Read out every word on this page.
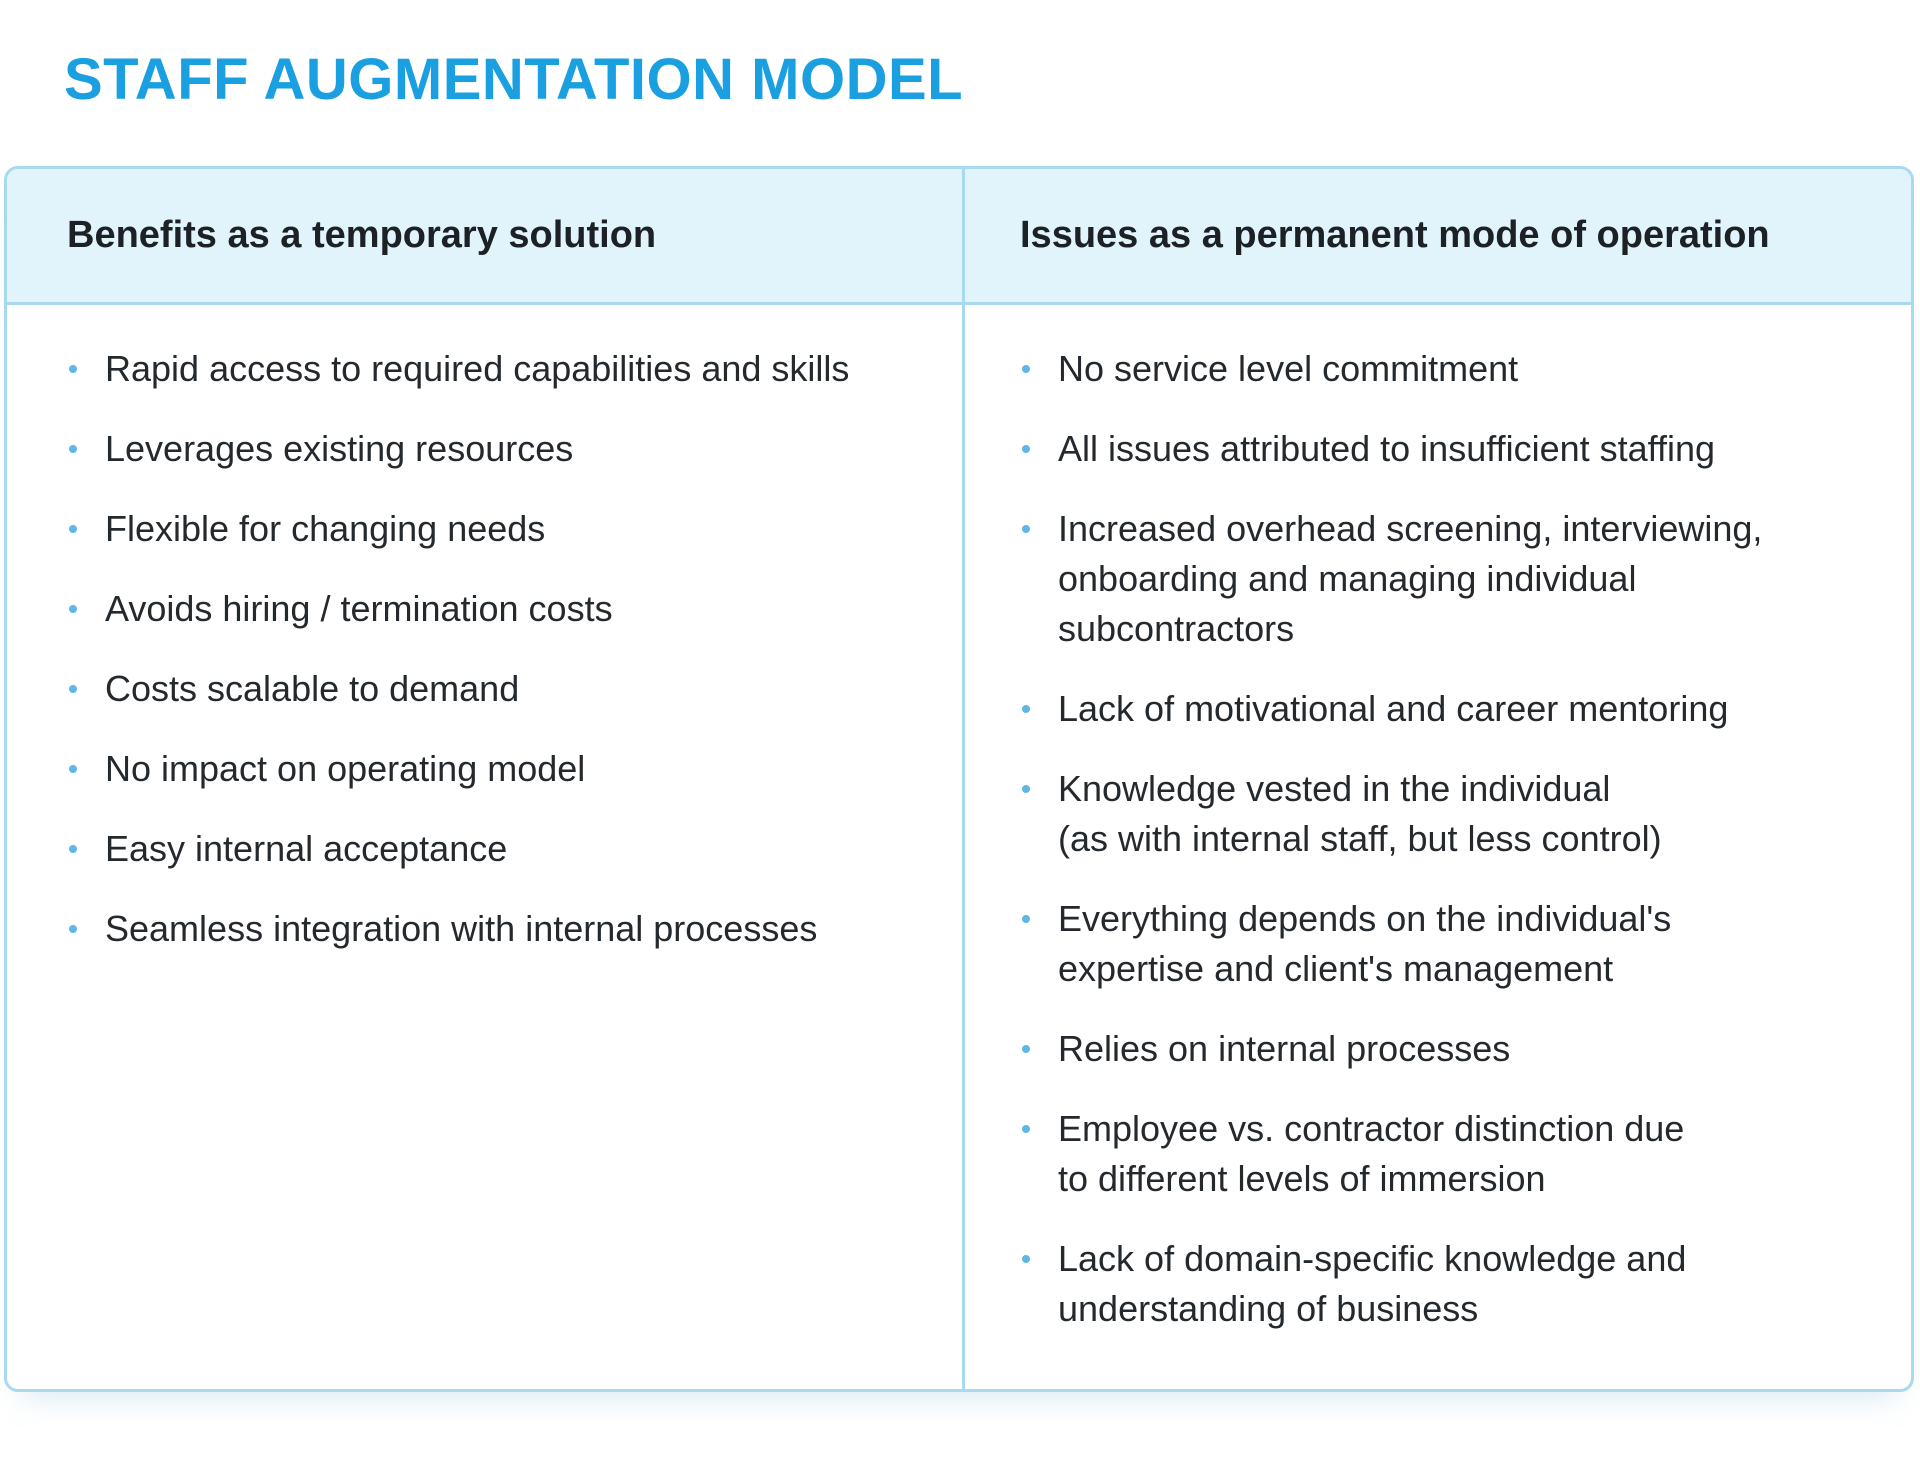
STAFF AUGMENTATION MODEL
Benefits as a temporary solution	Issues as a permanent mode of operation
Rapid access to required capabilities and skills
Leverages existing resources
Flexible for changing needs
Avoids hiring / termination costs
Costs scalable to demand
No impact on operating model
Easy internal acceptance
Seamless integration with internal processes
No service level commitment
All issues attributed to insufficient staffing
Increased overhead screening, interviewing,
onboarding and managing individual
subcontractors
Lack of motivational and career mentoring
Knowledge vested in the individual
(as with internal staff, but less control)
Everything depends on the individual's
expertise and client's management
Relies on internal processes
Employee vs. contractor distinction due
to different levels of immersion
Lack of domain-specific knowledge and
understanding of business
